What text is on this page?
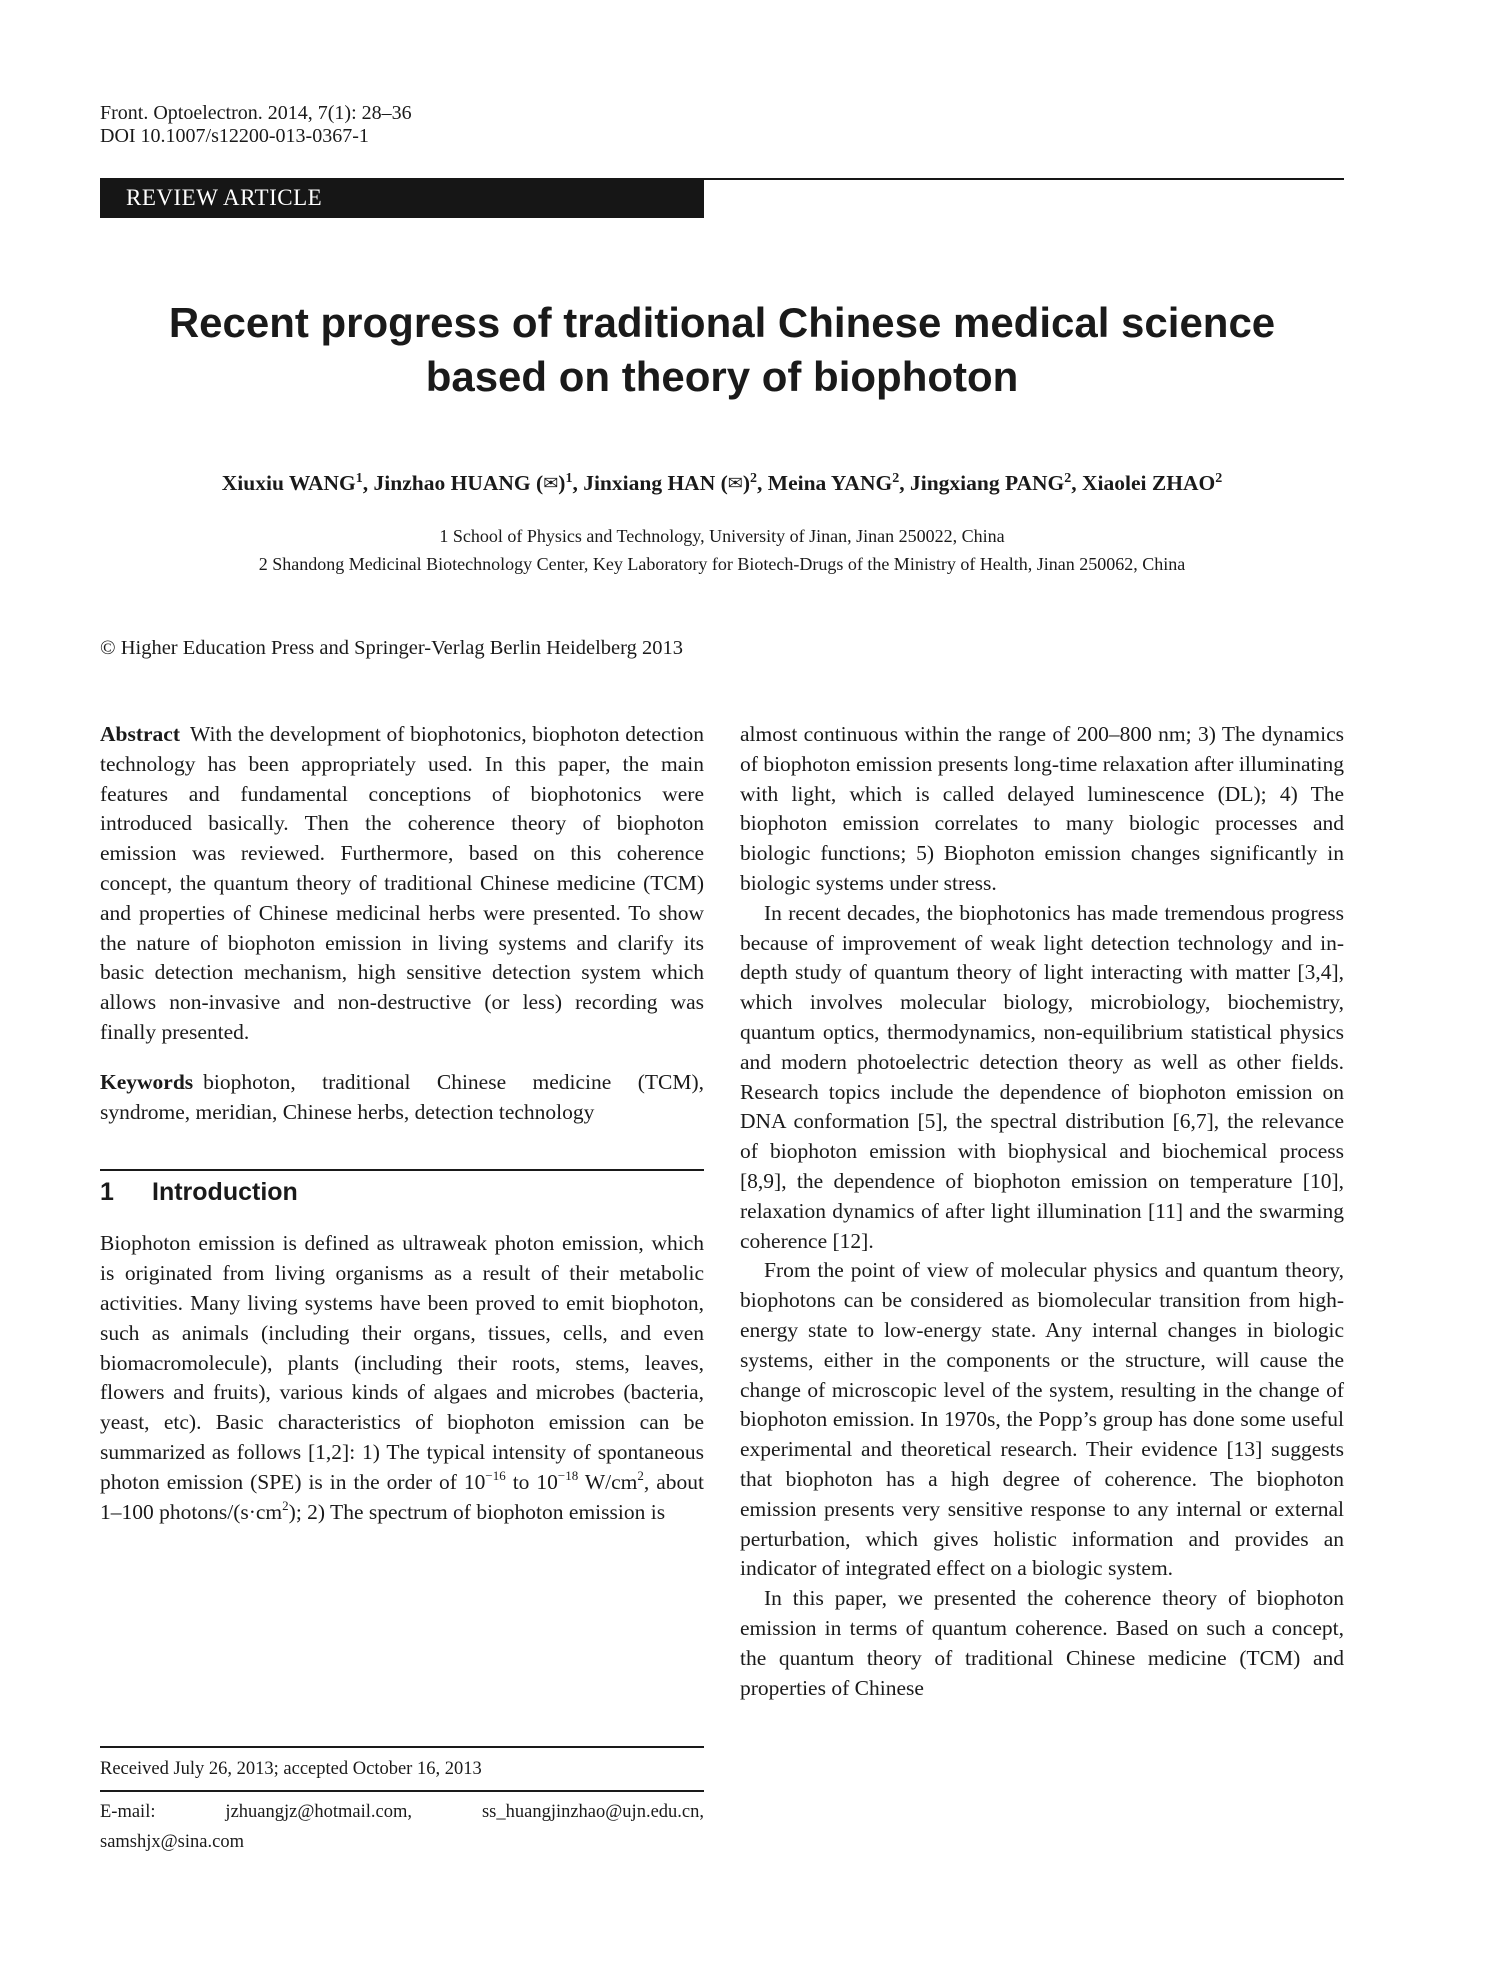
Front. Optoelectron. 2014, 7(1): 28–36
DOI 10.1007/s12200-013-0367-1
REVIEW ARTICLE
Recent progress of traditional Chinese medical science
based on theory of biophoton
Xiuxiu WANG$^1$, Jinzhao HUANG (✉)$^1$, Jinxiang HAN (✉)$^2$, Meina YANG$^2$, Jingxiang PANG$^2$, Xiaolei ZHAO$^2$
1 School of Physics and Technology, University of Jinan, Jinan 250022, China
2 Shandong Medicinal Biotechnology Center, Key Laboratory for Biotech-Drugs of the Ministry of Health, Jinan 250062, China
© Higher Education Press and Springer-Verlag Berlin Heidelberg 2013

Abstract With the development of biophotonics, biophoton detection technology has been appropriately used. In this paper, the main features and fundamental conceptions of biophotonics were introduced basically. Then the coherence theory of biophoton emission was reviewed. Furthermore, based on this coherence concept, the quantum theory of traditional Chinese medicine (TCM) and properties of Chinese medicinal herbs were presented. To show the nature of biophoton emission in living systems and clarify its basic detection mechanism, high sensitive detection system which allows non-invasive and non-destructive (or less) recording was finally presented.

Keywords biophoton, traditional Chinese medicine (TCM), syndrome, meridian, Chinese herbs, detection technology

1 Introduction

Biophoton emission is defined as ultraweak photon emission, which is originated from living organisms as a result of their metabolic activities. Many living systems have been proved to emit biophoton, such as animals (including their organs, tissues, cells, and even biomacromolecule), plants (including their roots, stems, leaves, flowers and fruits), various kinds of algaes and microbes (bacteria, yeast, etc). Basic characteristics of biophoton emission can be summarized as follows [1,2]: 1) The typical intensity of spontaneous photon emission (SPE) is in the order of $10^{-16}$ to $10^{-18}$ $W/cm^2$, about 1–100 photons/$(s\cdot cm^2)$; 2) The spectrum of biophoton emission is

almost continuous within the range of 200–800 nm; 3) The dynamics of biophoton emission presents long-time relaxation after illuminating with light, which is called delayed luminescence (DL); 4) The biophoton emission correlates to many biologic processes and biologic functions; 5) Biophoton emission changes significantly in biologic systems under stress.

In recent decades, the biophotonics has made tremendous progress because of improvement of weak light detection technology and in-depth study of quantum theory of light interacting with matter [3,4], which involves molecular biology, microbiology, biochemistry, quantum optics, thermodynamics, non-equilibrium statistical physics and modern photoelectric detection theory as well as other fields. Research topics include the dependence of biophoton emission on DNA conformation [5], the spectral distribution [6,7], the relevance of biophoton emission with biophysical and biochemical process [8,9], the dependence of biophoton emission on temperature [10], relaxation dynamics of after light illumination [11] and the swarming coherence [12].

From the point of view of molecular physics and quantum theory, biophotons can be considered as biomolecular transition from high-energy state to low-energy state. Any internal changes in biologic systems, either in the components or the structure, will cause the change of microscopic level of the system, resulting in the change of biophoton emission. In 1970s, the Popp’s group has done some useful experimental and theoretical research. Their evidence [13] suggests that biophoton has a high degree of coherence. The biophoton emission presents very sensitive response to any internal or external perturbation, which gives holistic information and provides an indicator of integrated effect on a biologic system.

In this paper, we presented the coherence theory of biophoton emission in terms of quantum coherence. Based on such a concept, the quantum theory of traditional Chinese medicine (TCM) and properties of Chinese

Received July 26, 2013; accepted October 16, 2013
E-mail: jzhuangjz@hotmail.com, ss_huangjinzhao@ujn.edu.cn, samshjx@sina.com
